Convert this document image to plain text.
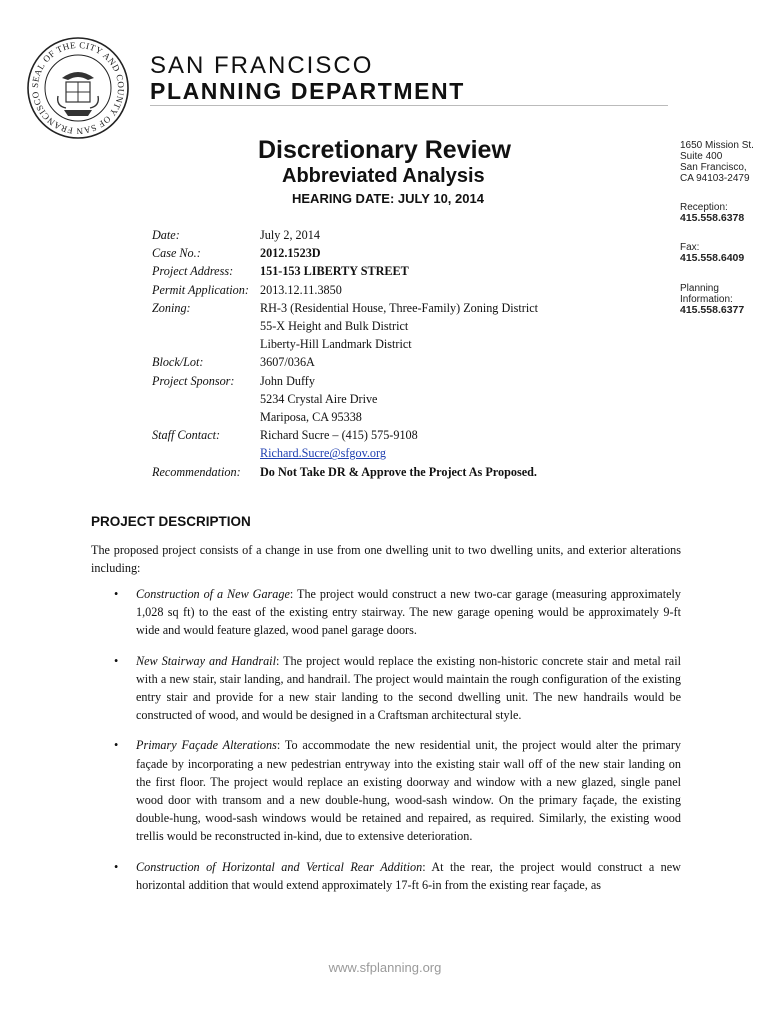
SEAL OF THE CITY AND COUNTY OF SAN FRANCISCO
SAN FRANCISCO
PLANNING DEPARTMENT
Discretionary Review
Abbreviated Analysis
HEARING DATE: JULY 10, 2014
1650 Mission St.
Suite 400
San Francisco,
CA 94103-2479
Reception:
415.558.6378
Fax:
415.558.6409
Planning
Information:
415.558.6377
Date:	July 2, 2014
Case No.:	2012.1523D
Project Address:	151-153 LIBERTY STREET
Permit Application: 2013.12.11.3850
Zoning:	RH-3 (Residential House, Three-Family) Zoning District
55-X Height and Bulk District
Liberty-Hill Landmark District
Block/Lot:	3607/036A
Project Sponsor:	John Duffy
5234 Crystal Aire Drive
Mariposa, CA 95338
Staff Contact:	Richard Sucre – (415) 575-9108
Richard.Sucre@sfgov.org
Recommendation:	Do Not Take DR & Approve the Project As Proposed.
PROJECT DESCRIPTION
The proposed project consists of a change in use from one dwelling unit to two dwelling units, and exterior alterations including:
• Construction of a New Garage: The project would construct a new two-car garage (measuring approximately 1,028 sq ft) to the east of the existing entry stairway. The new garage opening would be approximately 9-ft wide and would feature glazed, wood panel garage doors.
• New Stairway and Handrail: The project would replace the existing non-historic concrete stair and metal rail with a new stair, stair landing, and handrail. The project would maintain the rough configuration of the existing entry stair and provide for a new stair landing to the second dwelling unit. The new handrails would be constructed of wood, and would be designed in a Craftsman architectural style.
• Primary Façade Alterations: To accommodate the new residential unit, the project would alter the primary façade by incorporating a new pedestrian entryway into the existing stair wall off of the new stair landing on the first floor. The project would replace an existing doorway and window with a new glazed, single panel wood door with transom and a new double-hung, wood-sash window. On the primary façade, the existing double-hung, wood-sash windows would be retained and repaired, as required. Similarly, the existing wood trellis would be reconstructed in-kind, due to extensive deterioration.
• Construction of Horizontal and Vertical Rear Addition: At the rear, the project would construct a new horizontal addition that would extend approximately 17-ft 6-in from the existing rear façade, as
www.sfplanning.org
